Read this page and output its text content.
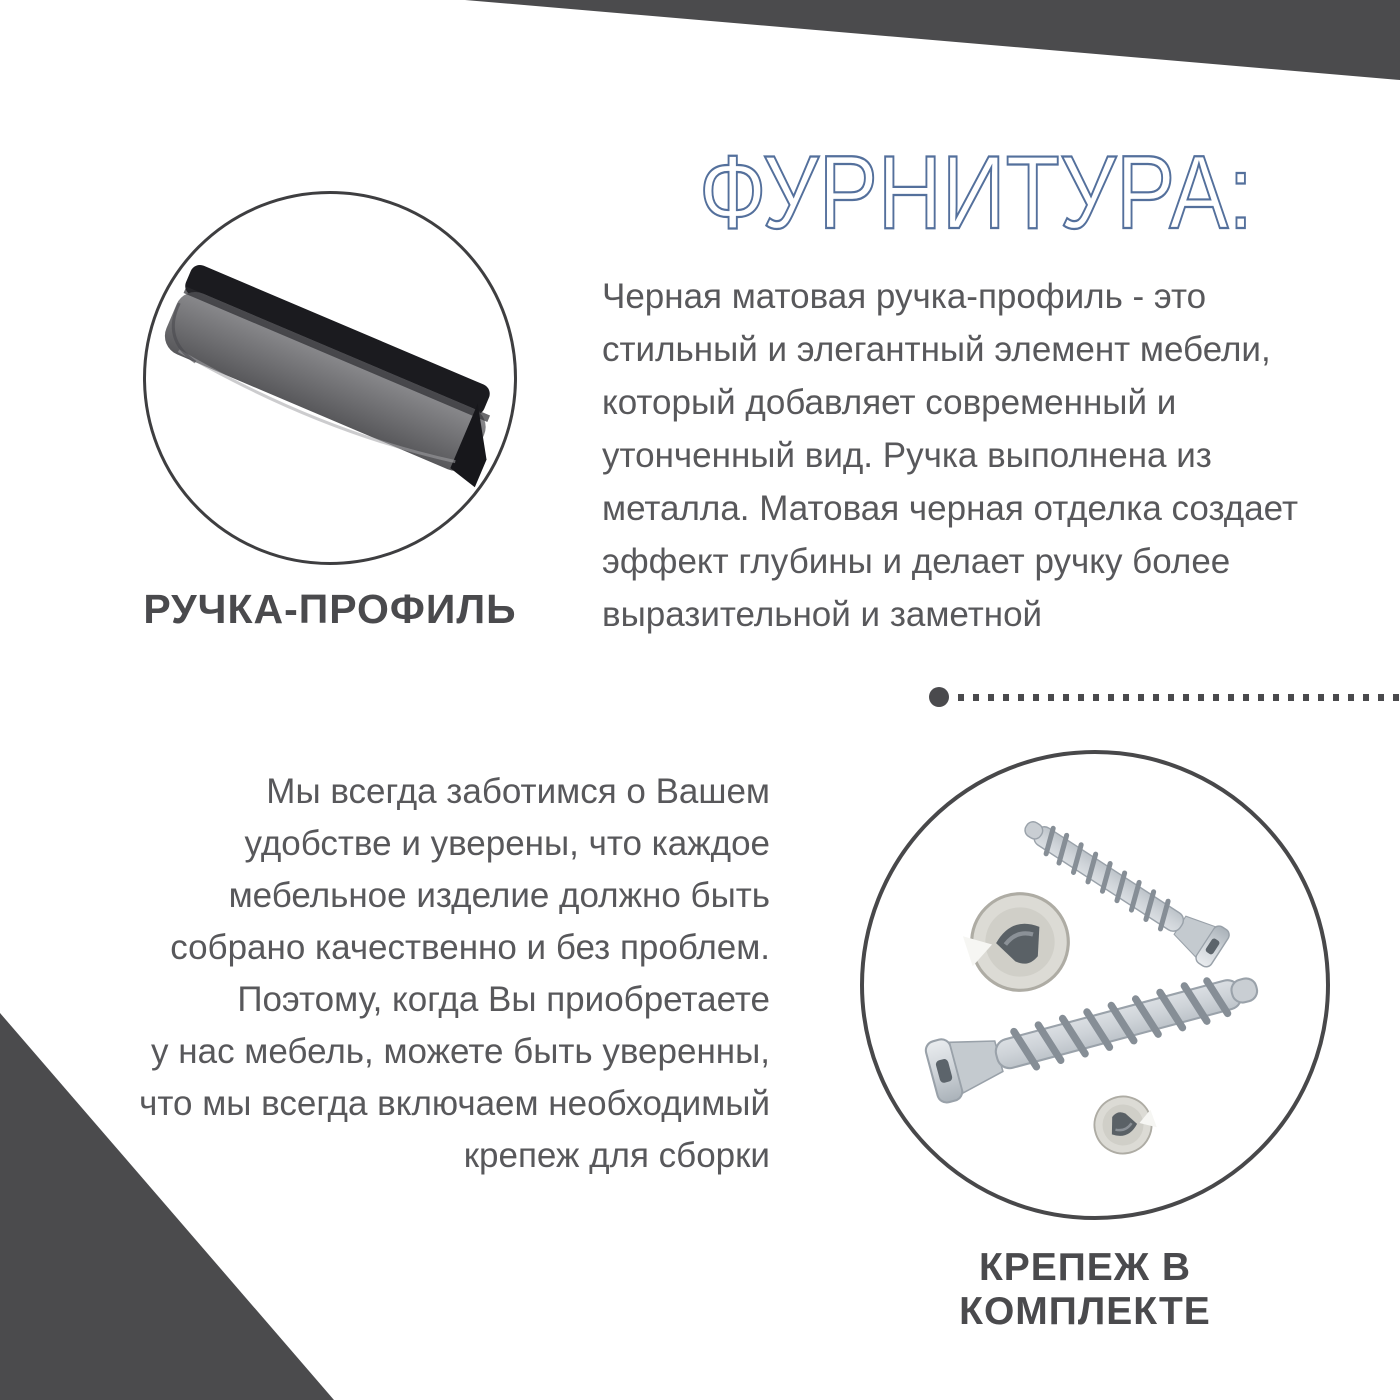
ФУРНИТУРА:
РУЧКА-ПРОФИЛЬ
Черная матовая ручка-профиль - это
стильный и элегантный элемент мебели,
который добавляет современный и
утонченный вид. Ручка выполнена из
металла. Матовая черная отделка создает
эффект глубины и делает ручку более
выразительной и заметной
Мы всегда заботимся о Вашем
удобстве и уверены, что каждое
мебельное изделие должно быть
собрано качественно и без проблем.
Поэтому, когда Вы приобретаете
у нас мебель, можете быть уверенны,
что мы всегда включаем необходимый
крепеж для сборки
КРЕПЕЖ В КОМПЛЕКТЕ
